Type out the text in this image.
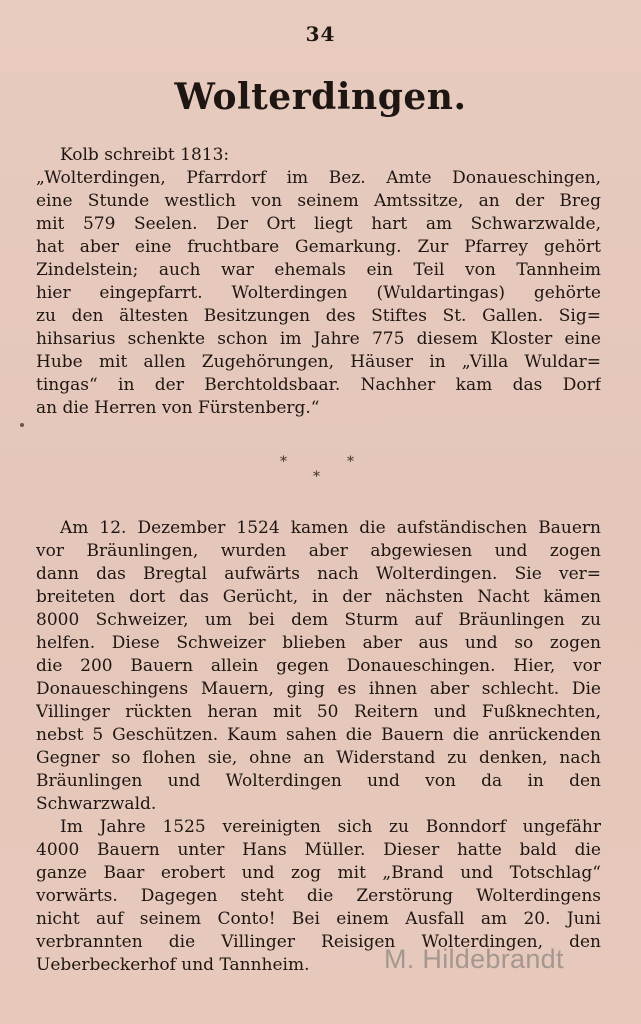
34
Wolterdingen.
Kolb schreibt 1813:
„Wolterdingen, Pfarrdorf im Bez. Amte Donaueschingen,
eine Stunde westlich von seinem Amtssitze, an der Breg
mit 579 Seelen. Der Ort liegt hart am Schwarzwalde,
hat aber eine fruchtbare Gemarkung. Zur Pfarrey gehört
Zindelstein; auch war ehemals ein Teil von Tannheim
hier eingepfarrt. Wolterdingen (Wuldartingas) gehörte
zu den ältesten Besitzungen des Stiftes St. Gallen. Sig=
hihsarius schenkte schon im Jahre 775 diesem Kloster eine
Hube mit allen Zugehörungen, Häuser in „Villa Wuldar=
tingas“ in der Berchtoldsbaar. Nachher kam das Dorf
an die Herren von Fürstenberg.“
*	*
*
Am 12. Dezember 1524 kamen die aufständischen Bauern
vor Bräunlingen, wurden aber abgewiesen und zogen
dann das Bregtal aufwärts nach Wolterdingen. Sie ver=
breiteten dort das Gerücht, in der nächsten Nacht kämen
8000 Schweizer, um bei dem Sturm auf Bräunlingen zu
helfen. Diese Schweizer blieben aber aus und so zogen
die 200 Bauern allein gegen Donaueschingen. Hier, vor
Donaueschingens Mauern, ging es ihnen aber schlecht. Die
Villinger rückten heran mit 50 Reitern und Fußknechten,
nebst 5 Geschützen. Kaum sahen die Bauern die anrückenden
Gegner so flohen sie, ohne an Widerstand zu denken, nach
Bräunlingen und Wolterdingen und von da in den
Schwarzwald.
Im Jahre 1525 vereinigten sich zu Bonndorf ungefähr
4000 Bauern unter Hans Müller. Dieser hatte bald die
ganze Baar erobert und zog mit „Brand und Totschlag“
vorwärts. Dagegen steht die Zerstörung Wolterdingens
nicht auf seinem Conto! Bei einem Ausfall am 20. Juni
verbrannten die Villinger Reisigen Wolterdingen, den
Ueberbeckerhof und Tannheim.	M. Hildebrandt
